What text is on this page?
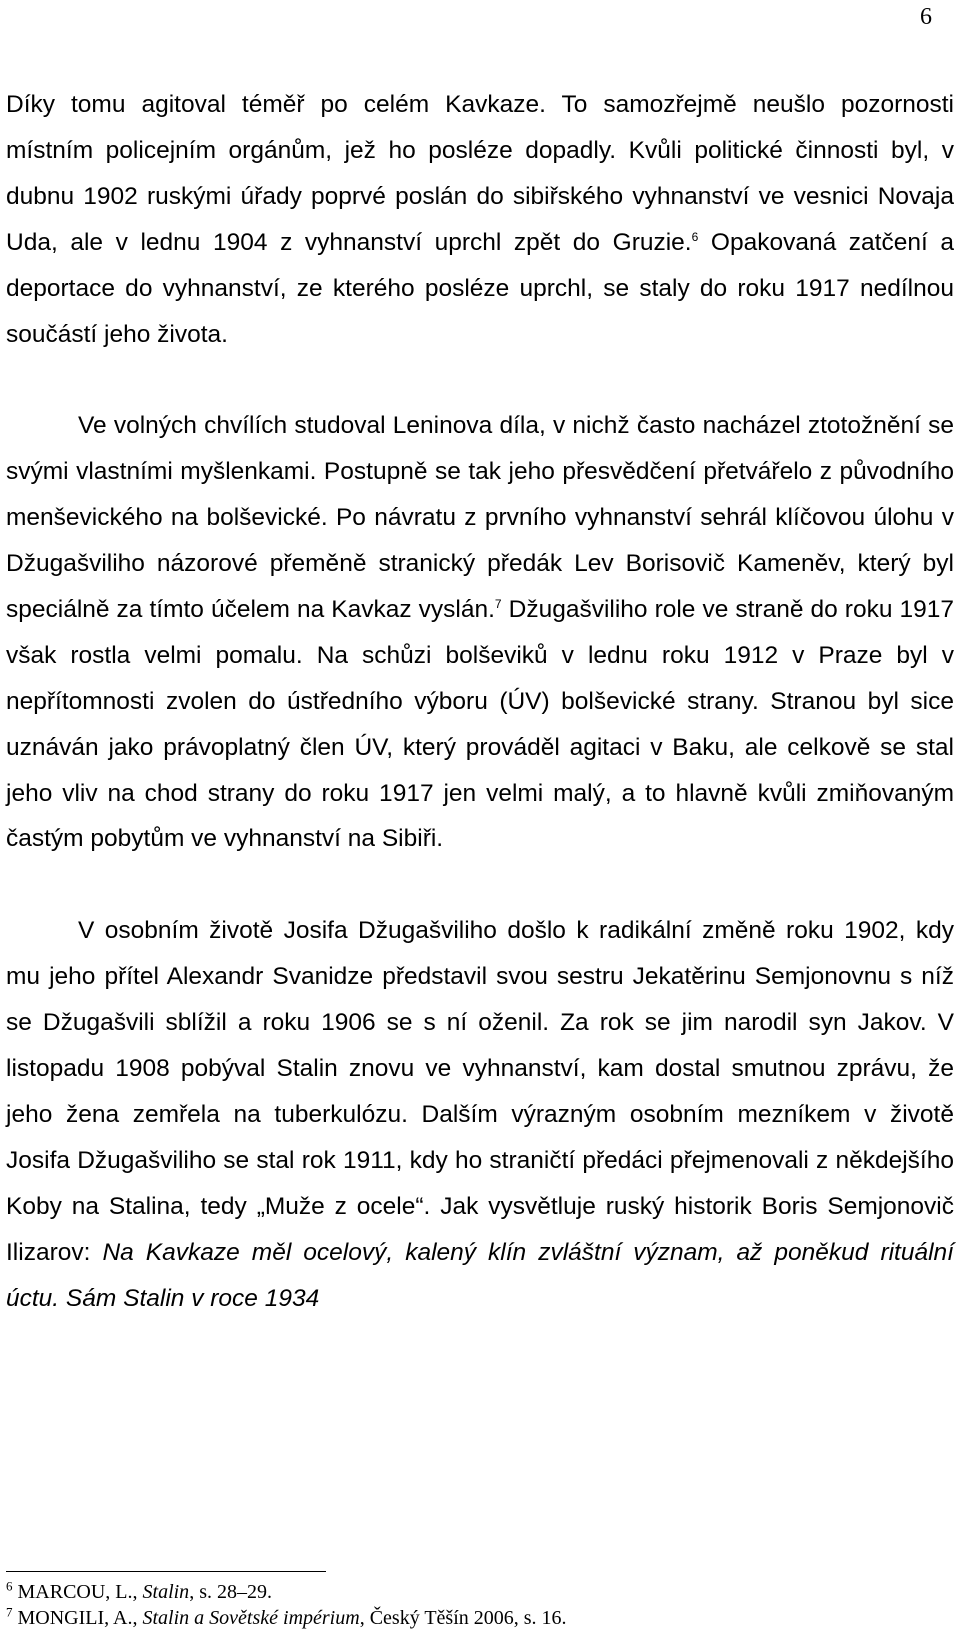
6

Díky tomu agitoval téměř po celém Kavkaze. To samozřejmě neušlo pozornosti místním policejním orgánům, jež ho posléze dopadly. Kvůli politické činnosti byl, v dubnu 1902 ruskými úřady poprvé poslán do sibiřského vyhnanství ve vesnici Novaja Uda, ale v lednu 1904 z vyhnanství uprchl zpět do Gruzie.$^6$ Opakovaná zatčení a deportace do vyhnanství, ze kterého posléze uprchl, se staly do roku 1917 nedílnou součástí jeho života.

Ve volných chvílích studoval Leninova díla, v nichž často nacházel ztotožnění se svými vlastními myšlenkami. Postupně se tak jeho přesvědčení přetvářelo z původního menševického na bolševické. Po návratu z prvního vyhnanství sehrál klíčovou úlohu v Džugašviliho názorové přeměně stranický předák Lev Borisovič Kameněv, který byl speciálně za tímto účelem na Kavkaz vyslán.$^7$ Džugašviliho role ve straně do roku 1917 však rostla velmi pomalu. Na schůzi bolševiků v lednu roku 1912 v Praze byl v nepřítomnosti zvolen do ústředního výboru (ÚV) bolševické strany. Stranou byl sice uznáván jako právoplatný člen ÚV, který prováděl agitaci v Baku, ale celkově se stal jeho vliv na chod strany do roku 1917 jen velmi malý, a to hlavně kvůli zmiňovaným častým pobytům ve vyhnanství na Sibiři.

V osobním životě Josifa Džugašviliho došlo k radikální změně roku 1902, kdy mu jeho přítel Alexandr Svanidze představil svou sestru Jekatěrinu Semjonovnu s níž se Džugašvili sblížil a roku 1906 se s ní oženil. Za rok se jim narodil syn Jakov. V listopadu 1908 pobýval Stalin znovu ve vyhnanství, kam dostal smutnou zprávu, že jeho žena zemřela na tuberkulózu. Dalším výrazným osobním mezníkem v životě Josifa Džugašviliho se stal rok 1911, kdy ho straničtí předáci přejmenovali z někdejšího Koby na Stalina, tedy „Muže z ocele“. Jak vysvětluje ruský historik Boris Semjonovič Ilizarov: Na Kavkaze měl ocelový, kalený klín zvláštní význam, až poněkud rituální úctu. Sám Stalin v roce 1934

$^6$ MARCOU, L., Stalin, s. 28–29.

$^7$ MONGILI, A., Stalin a Sovětské impérium, Český Těšín 2006, s. 16.
